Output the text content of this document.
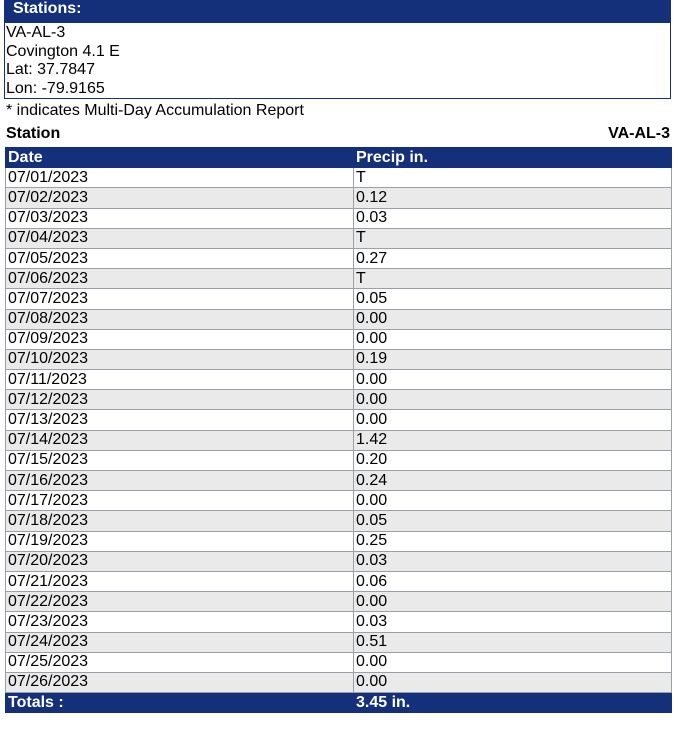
Stations:
VA-AL-3
Covington 4.1 E
Lat: 37.7847
Lon: -79.9165
* indicates Multi-Day Accumulation Report
Station	VA-AL-3
Date	Precip in.
07/01/2023	T
07/02/2023	0.12
07/03/2023	0.03
07/04/2023	T
07/05/2023	0.27
07/06/2023	T
07/07/2023	0.05
07/08/2023	0.00
07/09/2023	0.00
07/10/2023	0.19
07/11/2023	0.00
07/12/2023	0.00
07/13/2023	0.00
07/14/2023	1.42
07/15/2023	0.20
07/16/2023	0.24
07/17/2023	0.00
07/18/2023	0.05
07/19/2023	0.25
07/20/2023	0.03
07/21/2023	0.06
07/22/2023	0.00
07/23/2023	0.03
07/24/2023	0.51
07/25/2023	0.00
07/26/2023	0.00
Totals :	3.45 in.
